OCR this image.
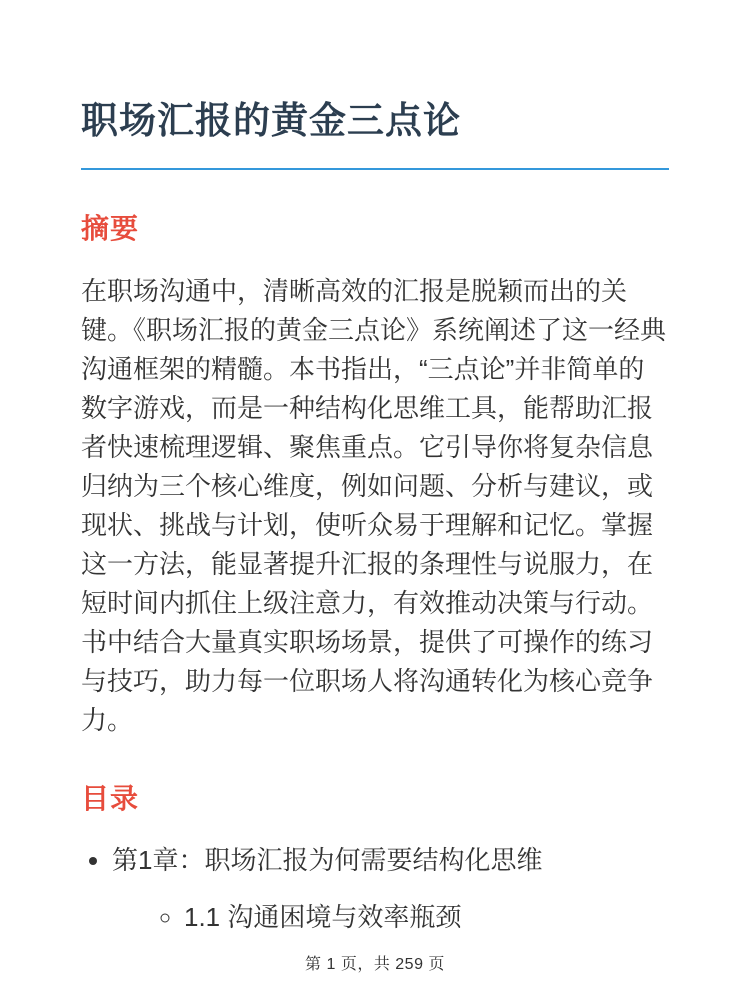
职场汇报的黄金三点论
摘要

在职场沟通中，清晰高效的汇报是脱颖而出的关键。《职场汇报的黄金三点论》系统阐述了这一经典沟通框架的精髓。本书指出，“三点论”并非简单的数字游戏，而是一种结构化思维工具，能帮助汇报者快速梳理逻辑、聚焦重点。它引导你将复杂信息归纳为三个核心维度，例如问题、分析与建议，或现状、挑战与计划，使听众易于理解和记忆。掌握这一方法，能显著提升汇报的条理性与说服力，在短时间内抓住上级注意力，有效推动决策与行动。书中结合大量真实职场场景，提供了可操作的练习与技巧，助力每一位职场人将沟通转化为核心竞争力。

目录
• 第1章：职场汇报为何需要结构化思维
◦ 1.1 沟通困境与效率瓶颈
第 1 页，共 259 页
